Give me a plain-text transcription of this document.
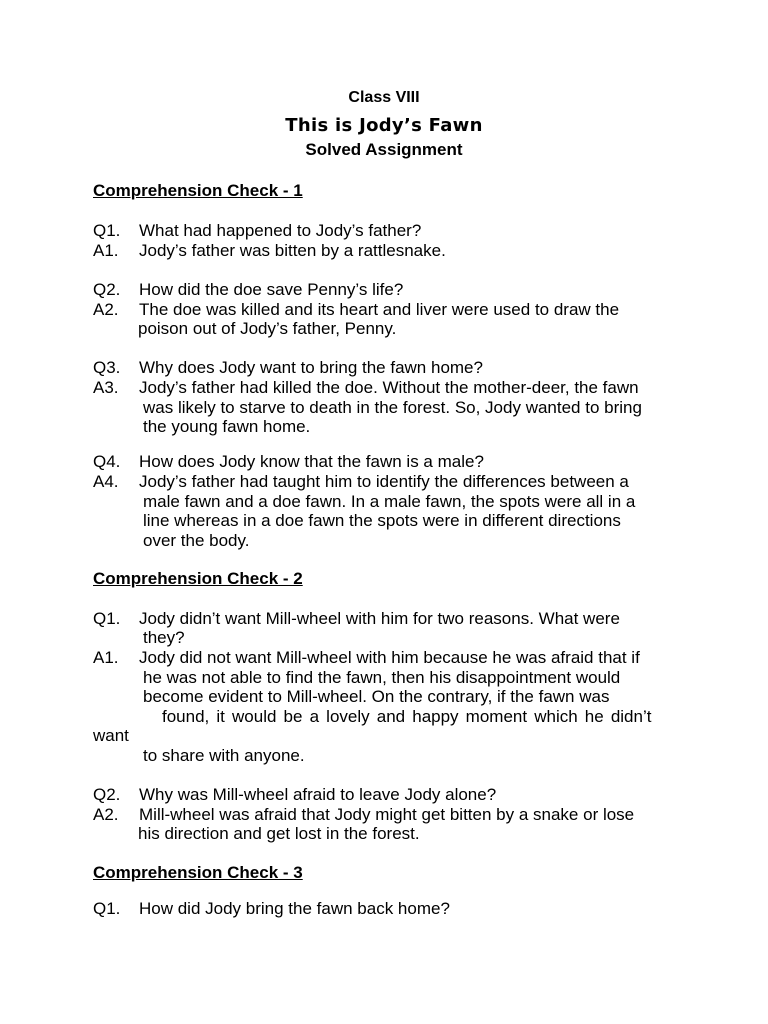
Class VIII
This is Jody’s Fawn
Solved Assignment
Comprehension Check - 1
Q1. What had happened to Jody’s father?
A1. Jody’s father was bitten by a rattlesnake.
Q2. How did the doe save Penny’s life?
A2. The doe was killed and its heart and liver were used to draw the
poison out of Jody’s father, Penny.
Q3. Why does Jody want to bring the fawn home?
A3. Jody’s father had killed the doe. Without the mother-deer, the fawn
was likely to starve to death in the forest. So, Jody wanted to bring
the young fawn home.
Q4. How does Jody know that the fawn is a male?
A4. Jody’s father had taught him to identify the differences between a
male fawn and a doe fawn. In a male fawn, the spots were all in a
line whereas in a doe fawn the spots were in different directions
over the body.
Comprehension Check - 2
Q1. Jody didn’t want Mill-wheel with him for two reasons. What were
they?
A1. Jody did not want Mill-wheel with him because he was afraid that if
he was not able to find the fawn, then his disappointment would
become evident to Mill-wheel. On the contrary, if the fawn was
found, it would be a lovely and happy moment which he didn’t
want
to share with anyone.
Q2. Why was Mill-wheel afraid to leave Jody alone?
A2. Mill-wheel was afraid that Jody might get bitten by a snake or lose
his direction and get lost in the forest.
Comprehension Check - 3
Q1. How did Jody bring the fawn back home?
